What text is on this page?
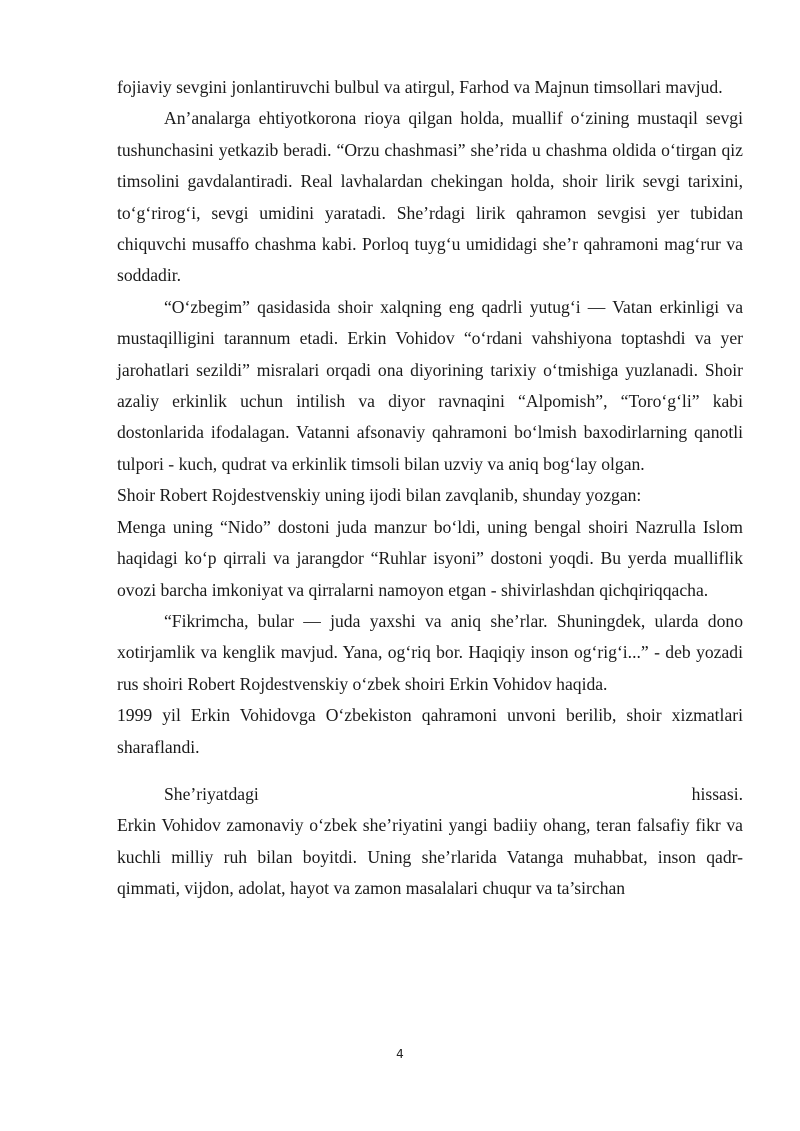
fojiaviy sevgini jonlantiruvchi bulbul va atirgul, Farhod va Majnun timsollari mavjud.

An’analarga ehtiyotkorona rioya qilgan holda, muallif o‘zining mustaqil sevgi tushunchasini yetkazib beradi. “Orzu chashmasi” she’rida u chashma oldida o‘tirgan qiz timsolini gavdalantiradi. Real lavhalardan chekingan holda, shoir lirik sevgi tarixini, to‘g‘rirog‘i, sevgi umidini yaratadi. She’rdagi lirik qahramon sevgisi yer tubidan chiquvchi musaffo chashma kabi. Porloq tuyg‘u umididagi she’r qahramoni mag‘rur va soddadir.

“O‘zbegim” qasidasida shoir xalqning eng qadrli yutug‘i — Vatan erkinligi va mustaqilligini tarannum etadi. Erkin Vohidov “o‘rdani vahshiyona toptashdi va yer jarohatlari sezildi” misralari orqadi ona diyorining tarixiy o‘tmishiga yuzlanadi. Shoir azaliy erkinlik uchun intilish va diyor ravnaqini “Alpomish”, “Toro‘g‘li” kabi dostonlarida ifodalagan. Vatanni afsonaviy qahramoni bo‘lmish baxodirlarning qanotli tulpori - kuch, qudrat va erkinlik timsoli bilan uzviy va aniq bog‘lay olgan.

Shoir Robert Rojdestvenskiy uning ijodi bilan zavqlanib, shunday yozgan:

Menga uning “Nido” dostoni juda manzur bo‘ldi, uning bengal shoiri Nazrulla Islom haqidagi ko‘p qirrali va jarangdor “Ruhlar isyoni” dostoni yoqdi. Bu yerda mualliflik ovozi barcha imkoniyat va qirralarni namoyon etgan - shivirlashdan qichqiriqqacha.

“Fikrimcha, bular — juda yaxshi va aniq she’rlar. Shuningdek, ularda dono xotirjamlik va kenglik mavjud. Yana, og‘riq bor. Haqiqiy inson og‘rig‘i...” - deb yozadi rus shoiri Robert Rojdestvenskiy o‘zbek shoiri Erkin Vohidov haqida.

1999 yil Erkin Vohidovga O‘zbekiston qahramoni unvoni berilib, shoir xizmatlari sharaflandi.

She’riyatdagi	hissasi.

Erkin Vohidov zamonaviy o‘zbek she’riyatini yangi badiiy ohang, teran falsafiy fikr va kuchli milliy ruh bilan boyitdi. Uning she’rlarida Vatanga muhabbat, inson qadr-qimmati, vijdon, adolat, hayot va zamon masalalari chuqur va ta’sirchan

4
